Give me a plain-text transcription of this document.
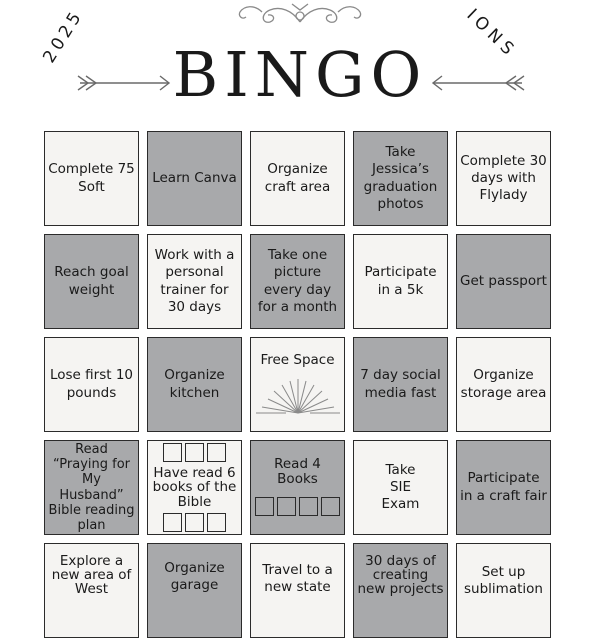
2025	IONS
BINGO
Complete 75 Soft
Learn Canva
Organize craft area
Take Jessica’s graduation photos
Complete 30 days with Flylady
Reach goal weight
Work with a personal trainer for 30 days
Take one picture every day for a month
Participate in a 5k
Get passport
Lose first 10 pounds
Organize kitchen
Free Space
7 day social media fast
Organize storage area
Read “Praying for My Husband” Bible reading plan
Have read 6 books of the Bible
Read 4 Books
Take SIE Exam
Participate in a craft fair
Explore a new area of West
Organize garage
Travel to a new state
30 days of creating new projects
Set up sublimation
